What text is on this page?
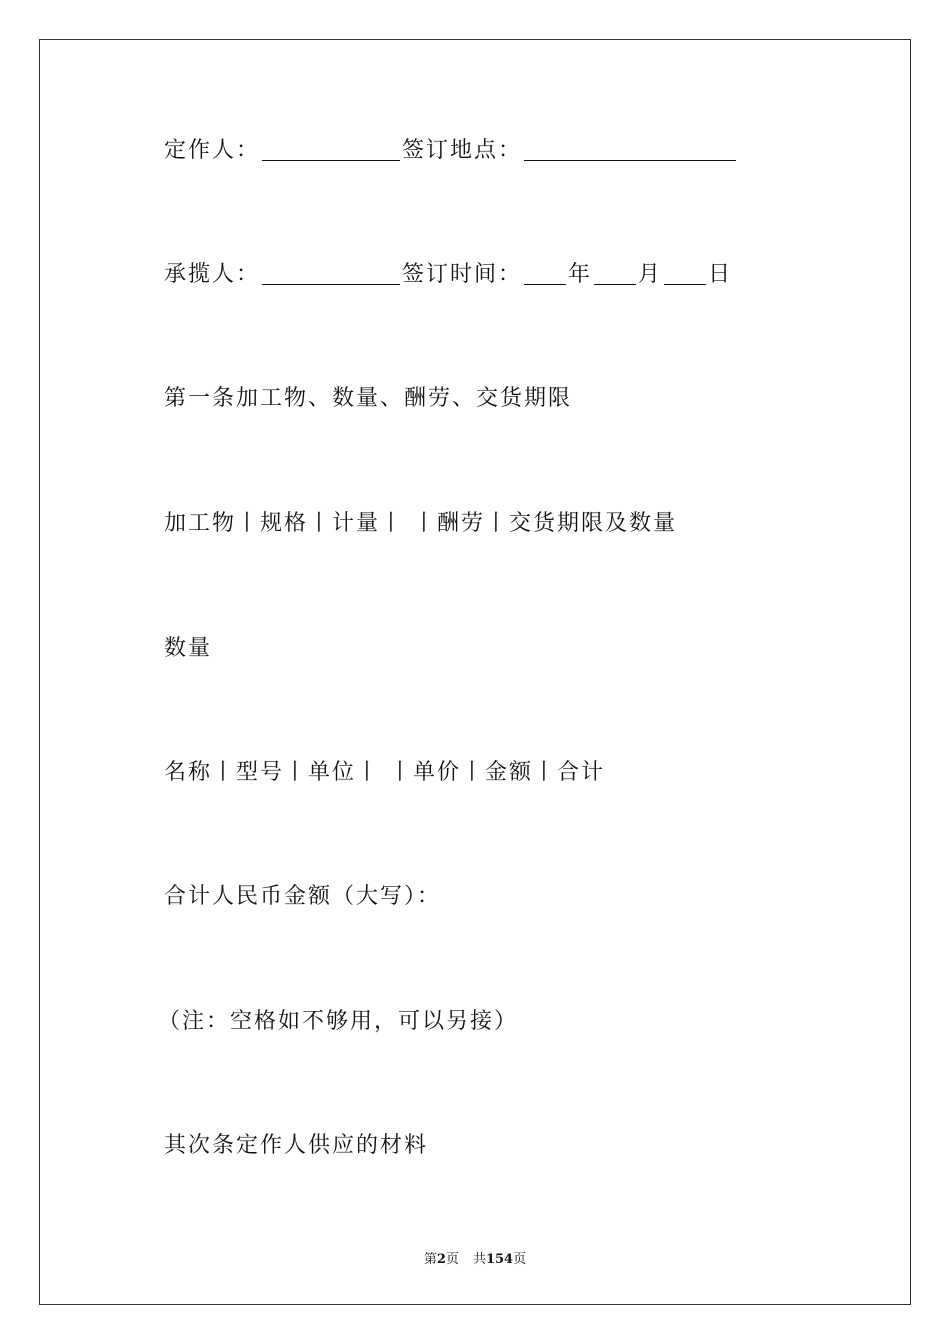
定作人：	签订地点：
承揽人：	签订时间： 年 月 日
第一条加工物、数量、酬劳、交货期限
加工物丨规格丨计量丨 丨酬劳丨交货期限及数量
数量
名称丨型号丨单位丨 丨单价丨金额丨合计
合计人民币金额（大写）：
（注：空格如不够用，可以另接）
其次条定作人供应的材料
第2页 共154页
